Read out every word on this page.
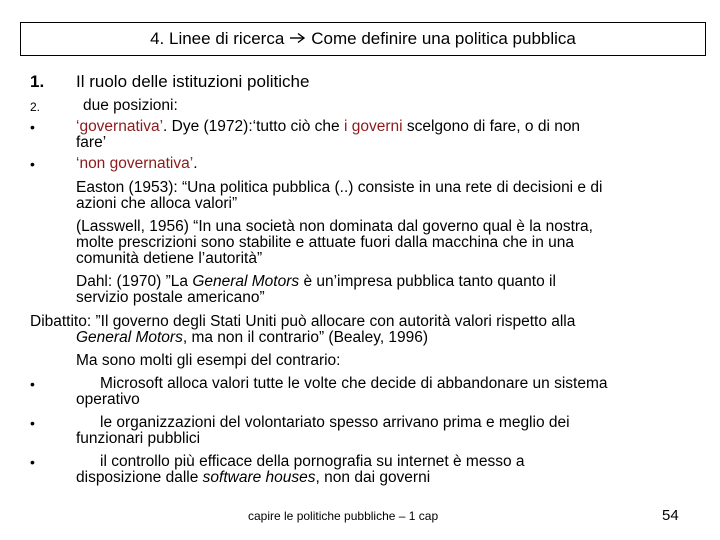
4. Linee di ricerca Come definire una politica pubblica
1. Il ruolo delle istituzioni politiche
2.	due posizioni:
•	‘governativa’. Dye (1972):‘tutto ciò che i governi scelgono di fare, o di non
fare’
•	‘non governativa’.
Easton (1953): “Una politica pubblica (..) consiste in una rete di decisioni e di
azioni che alloca valori”
(Lasswell, 1956) “In una società non dominata dal governo qual è la nostra,
molte prescrizioni sono stabilite e attuate fuori dalla macchina che in una
comunità detiene l’autorità”
Dahl: (1970) ”La General Motors è un’impresa pubblica tanto quanto il
servizio postale americano”
Dibattito: ”Il governo degli Stati Uniti può allocare con autorità valori rispetto alla
General Motors, ma non il contrario” (Bealey, 1996)
Ma sono molti gli esempi del contrario:
•	Microsoft alloca valori tutte le volte che decide di abbandonare un sistema
operativo
•	le organizzazioni del volontariato spesso arrivano prima e meglio dei
funzionari pubblici
•	il controllo più efficace della pornografia su internet è messo a
disposizione dalle software houses, non dai governi
capire le politiche pubbliche – 1 cap	54
